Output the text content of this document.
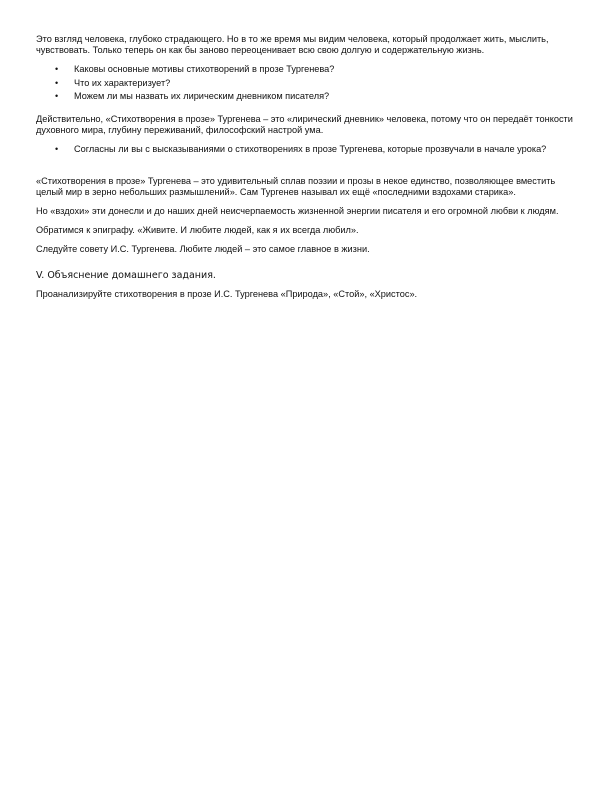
Это взгляд человека, глубоко страдающего. Но в то же время мы видим человека, который продолжает жить, мыслить, чувствовать. Только теперь он как бы заново переоценивает всю свою долгую и содержательную жизнь.

• Каковы основные мотивы стихотворений в прозе Тургенева?
• Что их характеризует?
• Можем ли мы назвать их лирическим дневником писателя?

Действительно, «Стихотворения в прозе» Тургенева – это «лирический дневник» человека, потому что он передаёт тонкости духовного мира, глубину переживаний, философский настрой ума.

• Согласны ли вы с высказываниями о стихотворениях в прозе Тургенева, которые прозвучали в начале урока?

«Стихотворения в прозе» Тургенева – это удивительный сплав поэзии и прозы в некое единство, позволяющее вместить целый мир в зерно небольших размышлений». Сам Тургенев называл их ещё «последними вздохами старика».

Но «вздохи» эти донесли и до наших дней неисчерпаемость жизненной энергии писателя и его огромной любви к людям.

Обратимся к эпиграфу. «Живите. И любите людей, как я их всегда любил».

Следуйте совету И.С. Тургенева. Любите людей – это самое главное в жизни.

V. Объяснение домашнего задания.

Проанализируйте стихотворения в прозе И.С. Тургенева «Природа», «Стой», «Христос».
